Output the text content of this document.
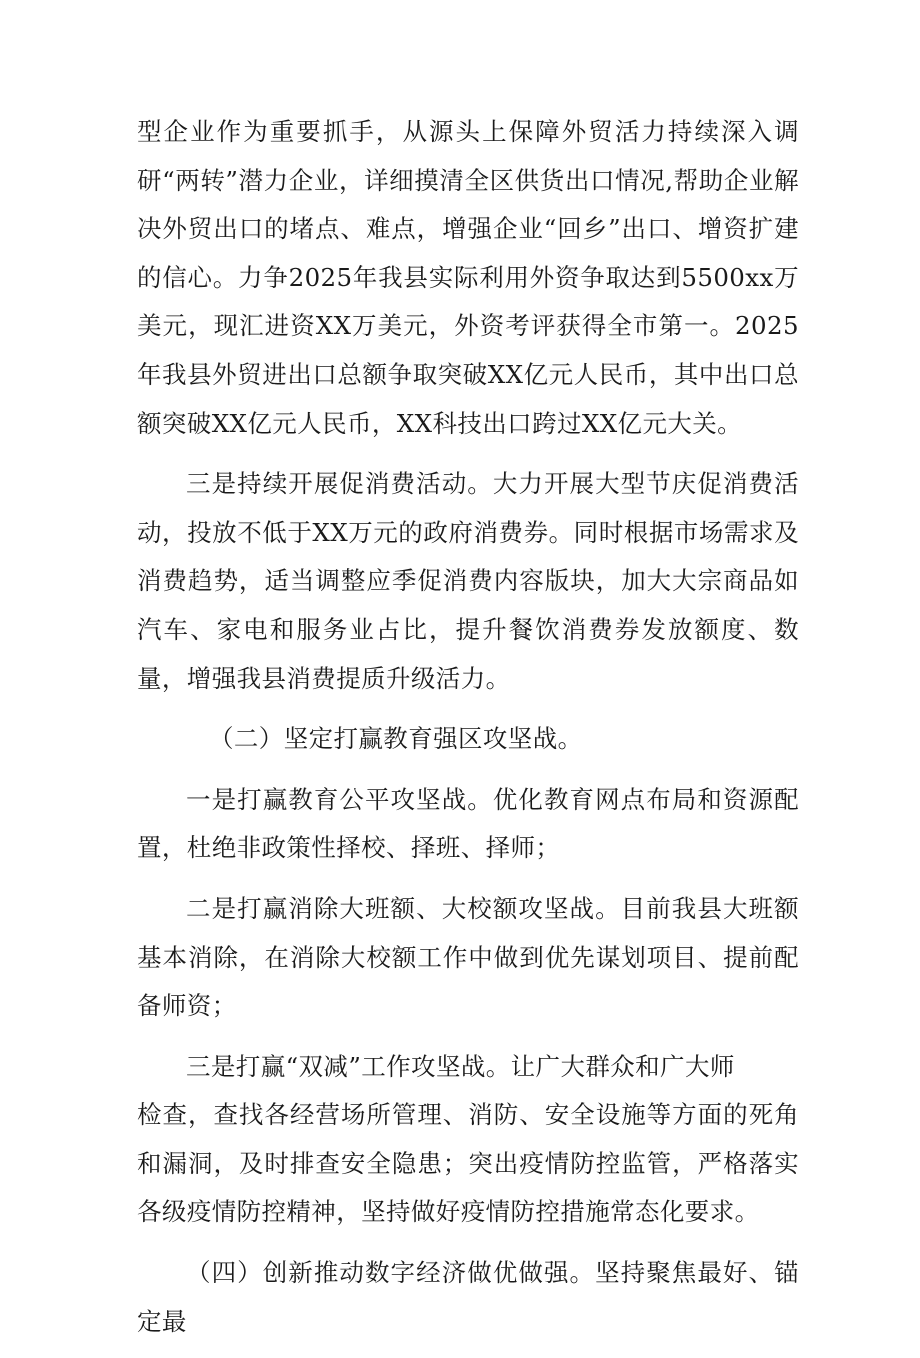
型企业作为重要抓手，从源头上保障外贸活力持续深入调研“两转”潜力企业，详细摸清全区供货出口情况,帮助企业解决外贸出口的堵点、难点，增强企业“回乡”出口、增资扩建的信心。力争2025年我县实际利用外资争取达到5500xx万美元，现汇进资XX万美元，外资考评获得全市第一。2025年我县外贸进出口总额争取突破XX亿元人民币，其中出口总额突破XX亿元人民币，XX科技出口跨过XX亿元大关。

三是持续开展促消费活动。大力开展大型节庆促消费活动，投放不低于XX万元的政府消费券。同时根据市场需求及消费趋势，适当调整应季促消费内容版块，加大大宗商品如汽车、家电和服务业占比，提升餐饮消费券发放额度、数量，增强我县消费提质升级活力。

（二）坚定打赢教育强区攻坚战。

一是打赢教育公平攻坚战。优化教育网点布局和资源配置，杜绝非政策性择校、择班、择师；

二是打赢消除大班额、大校额攻坚战。目前我县大班额基本消除，在消除大校额工作中做到优先谋划项目、提前配备师资；

三是打赢“双减”工作攻坚战。让广大群众和广大师

检查，查找各经营场所管理、消防、安全设施等方面的死角和漏洞，及时排查安全隐患；突出疫情防控监管，严格落实各级疫情防控精神，坚持做好疫情防控措施常态化要求。

（四）创新推动数字经济做优做强。坚持聚焦最好、锚定最
